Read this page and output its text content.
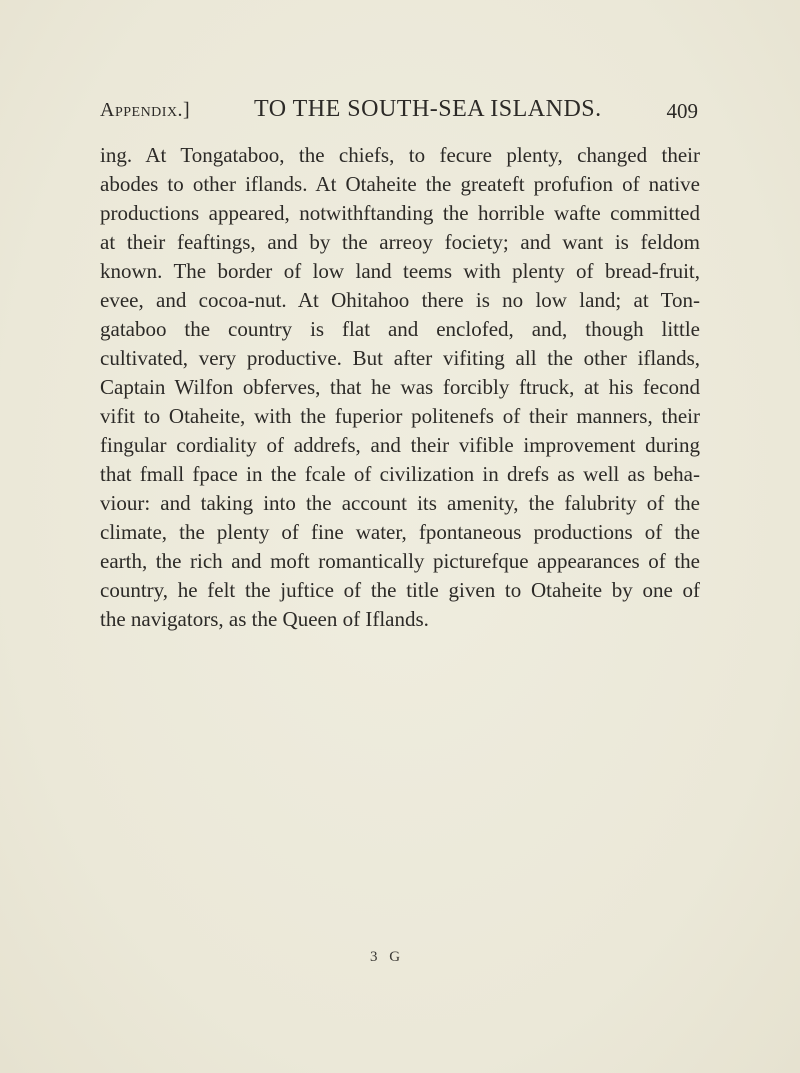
Appendix.]	TO THE SOUTH-SEA ISLANDS.	409
ing. At Tongataboo, the chiefs, to fecure plenty, changed their
abodes to other iflands. At Otaheite the greateft profufion of native
productions appeared, notwithftanding the horrible wafte committed
at their feaftings, and by the arreoy fociety; and want is feldom
known. The border of low land teems with plenty of bread-fruit,
evee, and cocoa-nut. At Ohitahoo there is no low land; at Ton-
gataboo the country is flat and enclofed, and, though little
cultivated, very productive. But after vifiting all the other iflands,
Captain Wilfon obferves, that he was forcibly ftruck, at his fecond
vifit to Otaheite, with the fuperior politenefs of their manners, their
fingular cordiality of addrefs, and their vifible improvement during
that fmall fpace in the fcale of civilization in drefs as well as beha-
viour: and taking into the account its amenity, the falubrity of the
climate, the plenty of fine water, fpontaneous productions of the
earth, the rich and moft romantically picturefque appearances of the
country, he felt the juftice of the title given to Otaheite by one of
the navigators, as the Queen of Iflands.
3 G
